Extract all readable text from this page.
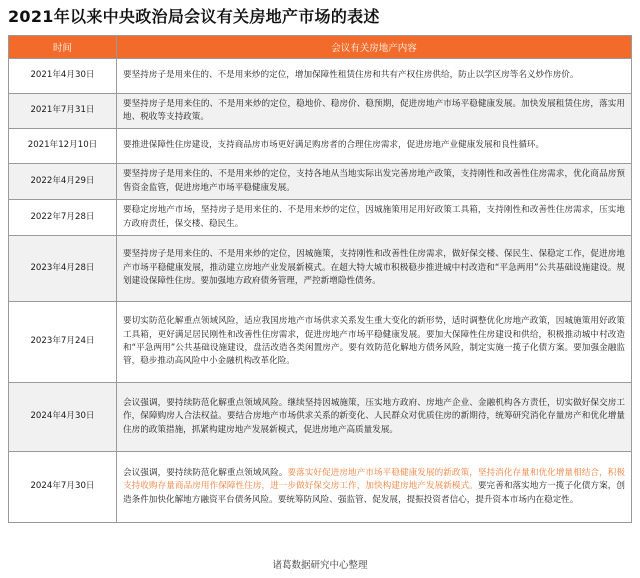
2021年以来中央政治局会议有关房地产市场的表述
时间	会议有关房地产内容
2021年4月30日	要坚持房子是用来住的、不是用来炒的定位，增加保障性租赁住房和共有产权住房供给，防止以学区房等名义炒作房价。
2021年7月31日	要坚持房子是用来住的、不是用来炒的定位，稳地价、稳房价、稳预期，促进房地产市场平稳健康发展。加快发展租赁住房，落实用地、税收等支持政策。
2021年12月10日	要推进保障性住房建设，支持商品房市场更好满足购房者的合理住房需求，促进房地产业健康发展和良性循环。
2022年4月29日	要坚持房子是用来住的、不是用来炒的定位，支持各地从当地实际出发完善房地产政策，支持刚性和改善性住房需求，优化商品房预售资金监管，促进房地产市场平稳健康发展。
2022年7月28日	要稳定房地产市场，坚持房子是用来住的、不是用来炒的定位，因城施策用足用好政策工具箱，支持刚性和改善性住房需求，压实地方政府责任，保交楼、稳民生。
2023年4月28日	要坚持房子是用来住的、不是用来炒的定位，因城施策，支持刚性和改善性住房需求，做好保交楼、保民生、保稳定工作，促进房地产市场平稳健康发展，推动建立房地产业发展新模式。在超大特大城市积极稳步推进城中村改造和“平急两用”公共基础设施建设。规划建设保障性住房。要加强地方政府债务管理，严控新增隐性债务。
2023年7月24日	要切实防范化解重点领域风险，适应我国房地产市场供求关系发生重大变化的新形势，适时调整优化房地产政策，因城施策用好政策工具箱，更好满足居民刚性和改善性住房需求，促进房地产市场平稳健康发展。要加大保障性住房建设和供给，积极推动城中村改造和“平急两用”公共基础设施建设，盘活改造各类闲置房产。要有效防范化解地方债务风险，制定实施一揽子化债方案。要加强金融监管，稳步推动高风险中小金融机构改革化险。
2024年4月30日	会议强调，要持续防范化解重点领域风险。继续坚持因城施策，压实地方政府、房地产企业、金融机构各方责任，切实做好保交房工作，保障购房人合法权益。要结合房地产市场供求关系的新变化、人民群众对优质住房的新期待，统筹研究消化存量房产和优化增量住房的政策措施，抓紧构建房地产发展新模式，促进房地产高质量发展。
2024年7月30日	会议强调，要持续防范化解重点领域风险。要落实好促进房地产市场平稳健康发展的新政策，坚持消化存量和优化增量相结合，积极支持收购存量商品房用作保障性住房，进一步做好保交房工作，加快构建房地产发展新模式。要完善和落实地方一揽子化债方案，创造条件加快化解地方融资平台债务风险。要统筹防风险、强监管、促发展，提振投资者信心，提升资本市场内在稳定性。
诸葛数据研究中心整理
